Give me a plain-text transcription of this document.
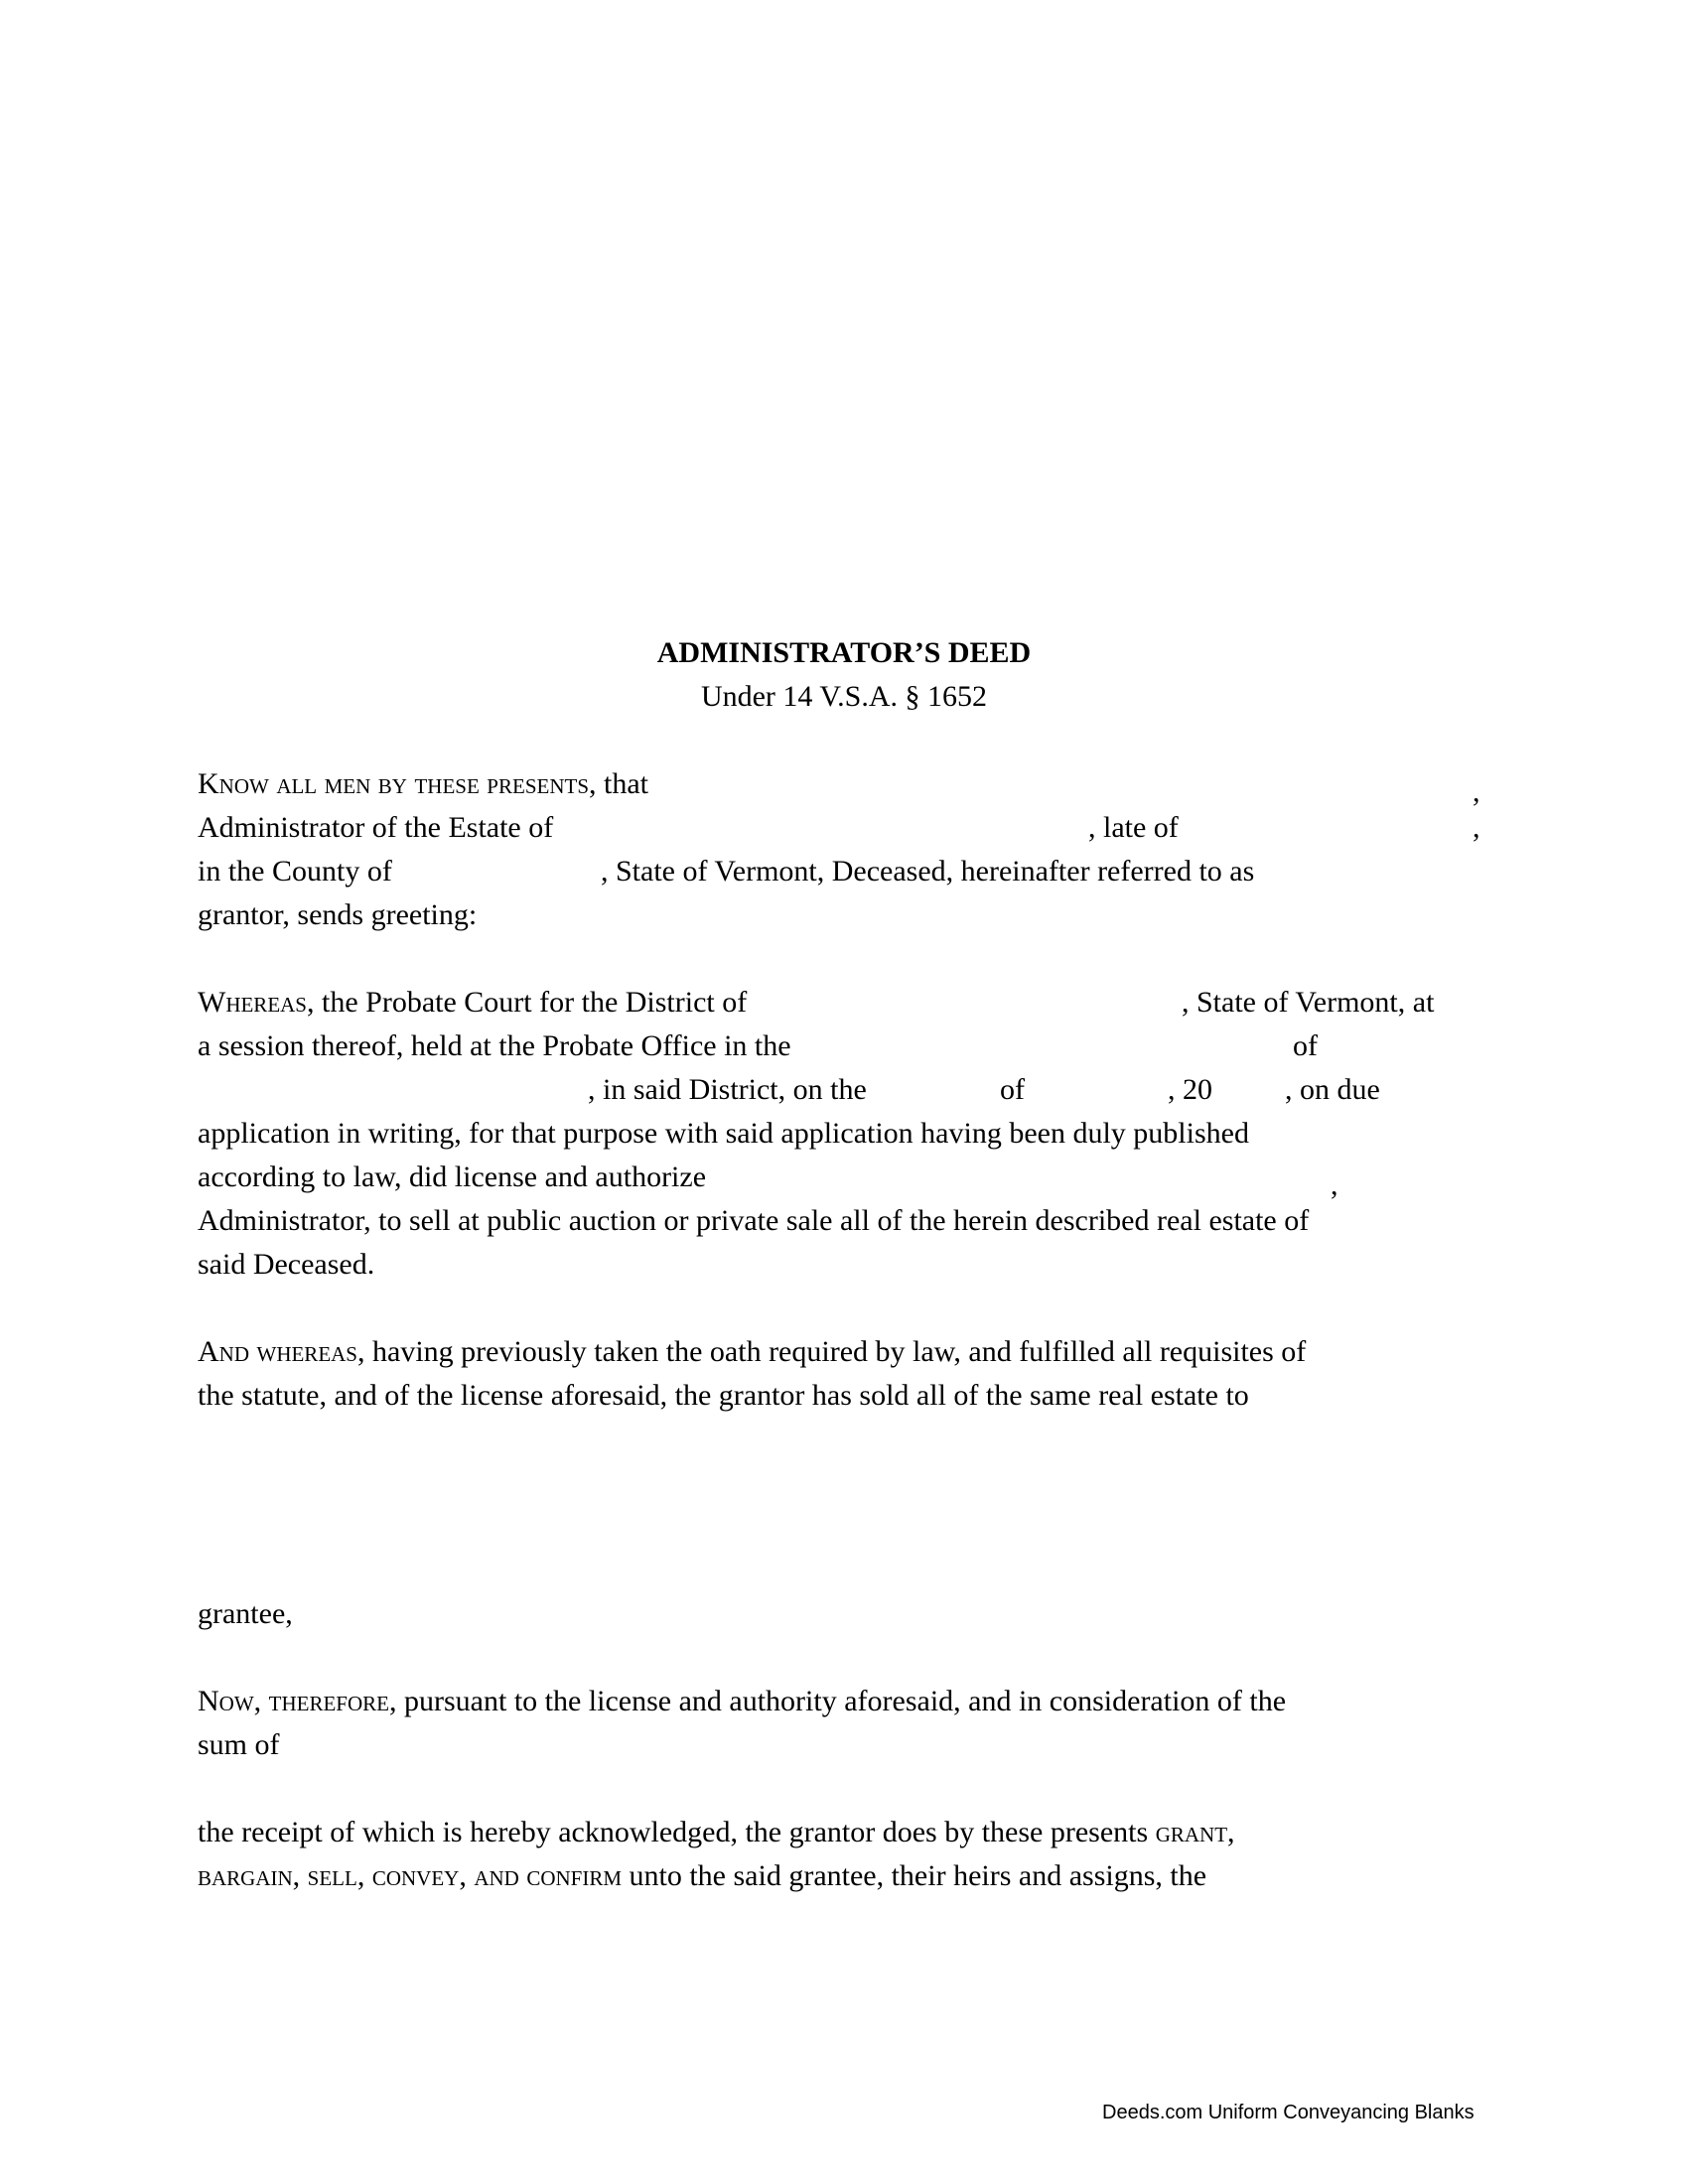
ADMINISTRATOR’S DEED
Under 14 V.S.A. § 1652
Know all men by these presents, that	,
Administrator of the Estate of	, late of	,
in the County of	, State of Vermont, Deceased, hereinafter referred to as
grantor, sends greeting:
Whereas, the Probate Court for the District of	, State of Vermont, at
a session thereof, held at the Probate Office in the	of
, in said District, on the	of	, 20 , on due
application in writing, for that purpose with said application having been duly published
according to law, did license and authorize	,
Administrator, to sell at public auction or private sale all of the herein described real estate of
said Deceased.
And whereas, having previously taken the oath required by law, and fulfilled all requisites of
the statute, and of the license aforesaid, the grantor has sold all of the same real estate to
grantee,
Now, therefore, pursuant to the license and authority aforesaid, and in consideration of the
sum of
the receipt of which is hereby acknowledged, the grantor does by these presents grant,
bargain, sell, convey, and confirm unto the said grantee, their heirs and assigns, the
Deeds.com Uniform Conveyancing Blanks
